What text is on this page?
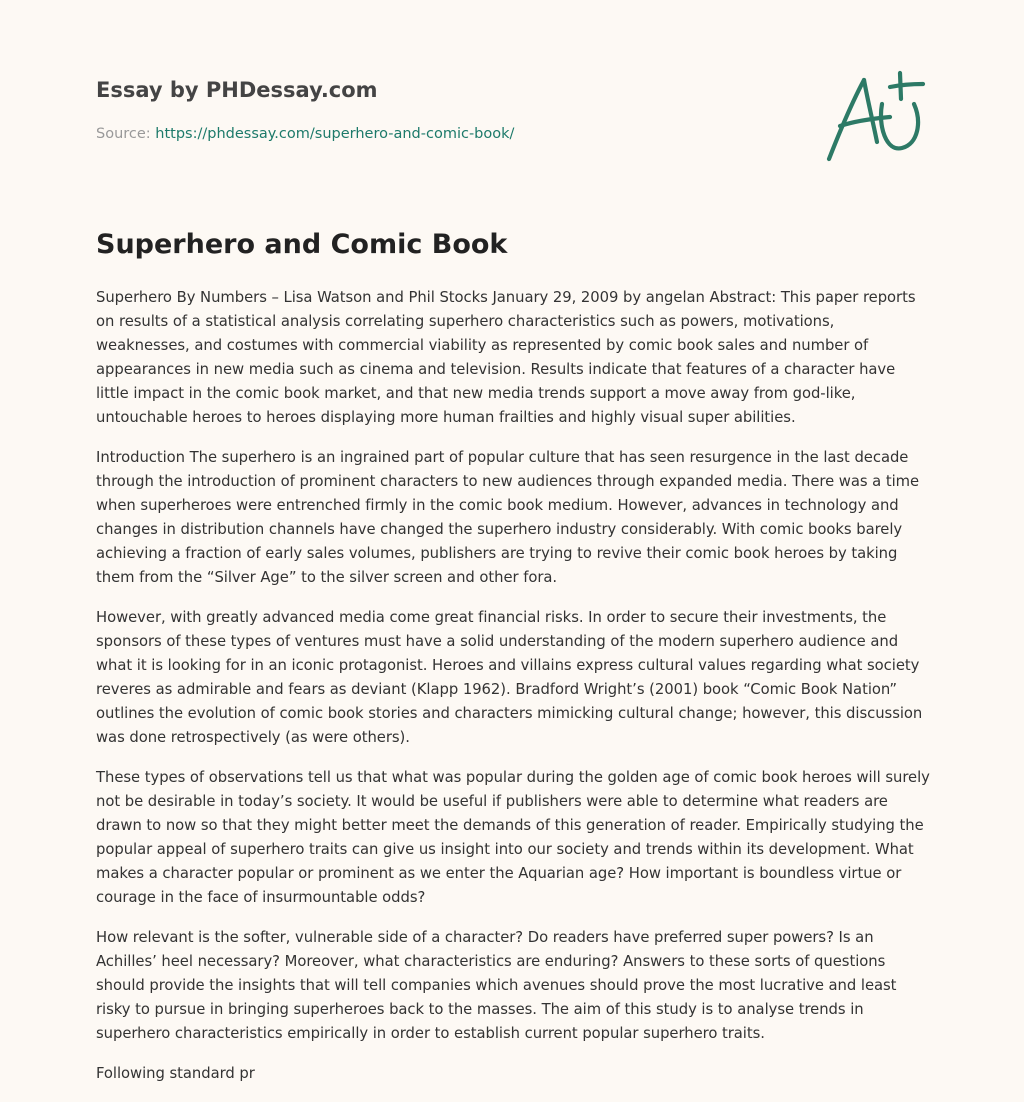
Essay by PHDessay.com
Source: https://phdessay.com/superhero-and-comic-book/
Superhero and Comic Book

Superhero By Numbers – Lisa Watson and Phil Stocks January 29, 2009 by angelan Abstract: This paper reports on results of a statistical analysis correlating superhero characteristics such as powers, motivations, weaknesses, and costumes with commercial viability as represented by comic book sales and number of appearances in new media such as cinema and television. Results indicate that features of a character have little impact in the comic book market, and that new media trends support a move away from god-like, untouchable heroes to heroes displaying more human frailties and highly visual super abilities.

Introduction The superhero is an ingrained part of popular culture that has seen resurgence in the last decade through the introduction of prominent characters to new audiences through expanded media. There was a time when superheroes were entrenched firmly in the comic book medium. However, advances in technology and changes in distribution channels have changed the superhero industry considerably. With comic books barely achieving a fraction of early sales volumes, publishers are trying to revive their comic book heroes by taking them from the “Silver Age” to the silver screen and other fora.

However, with greatly advanced media come great financial risks. In order to secure their investments, the sponsors of these types of ventures must have a solid understanding of the modern superhero audience and what it is looking for in an iconic protagonist. Heroes and villains express cultural values regarding what society reveres as admirable and fears as deviant (Klapp 1962). Bradford Wright’s (2001) book “Comic Book Nation” outlines the evolution of comic book stories and characters mimicking cultural change; however, this discussion was done retrospectively (as were others).

These types of observations tell us that what was popular during the golden age of comic book heroes will surely not be desirable in today’s society. It would be useful if publishers were able to determine what readers are drawn to now so that they might better meet the demands of this generation of reader. Empirically studying the popular appeal of superhero traits can give us insight into our society and trends within its development. What makes a character popular or prominent as we enter the Aquarian age? How important is boundless virtue or courage in the face of insurmountable odds?

How relevant is the softer, vulnerable side of a character? Do readers have preferred super powers? Is an Achilles’ heel necessary? Moreover, what characteristics are enduring? Answers to these sorts of questions should provide the insights that will tell companies which avenues should prove the most lucrative and least risky to pursue in bringing superheroes back to the masses. The aim of this study is to analyse trends in superhero characteristics empirically in order to establish current popular superhero traits.

Following standard pr
